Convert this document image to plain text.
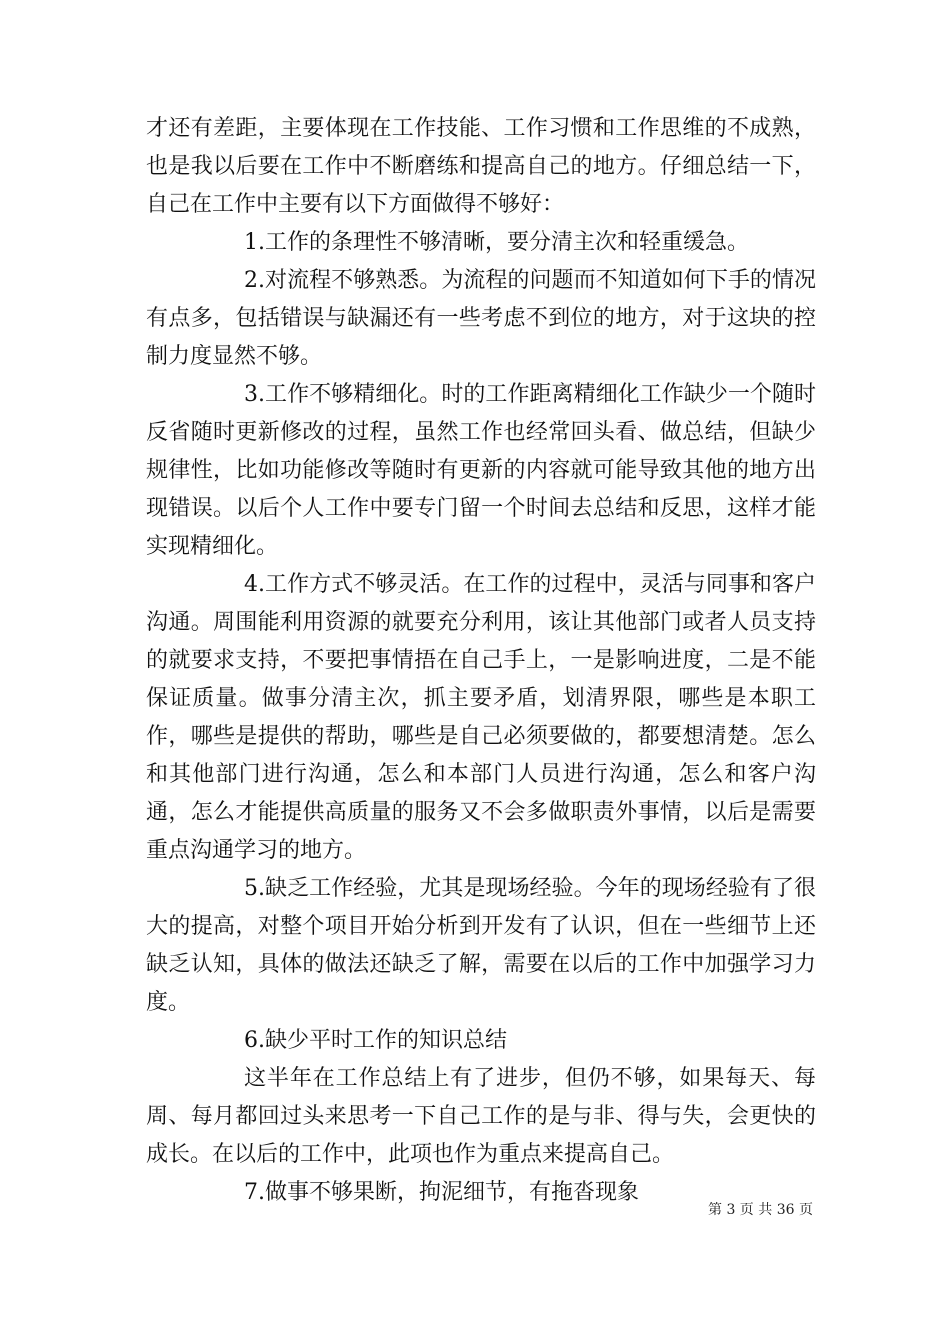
才还有差距，主要体现在工作技能、工作习惯和工作思维的不成熟，也是我以后要在工作中不断磨练和提高自己的地方。仔细总结一下，自己在工作中主要有以下方面做得不够好：

1.工作的条理性不够清晰，要分清主次和轻重缓急。

2.对流程不够熟悉。为流程的问题而不知道如何下手的情况有点多，包括错误与缺漏还有一些考虑不到位的地方，对于这块的控制力度显然不够。

3.工作不够精细化。时的工作距离精细化工作缺少一个随时反省随时更新修改的过程，虽然工作也经常回头看、做总结，但缺少规律性，比如功能修改等随时有更新的内容就可能导致其他的地方出现错误。以后个人工作中要专门留一个时间去总结和反思，这样才能实现精细化。

4.工作方式不够灵活。在工作的过程中，灵活与同事和客户沟通。周围能利用资源的就要充分利用，该让其他部门或者人员支持的就要求支持，不要把事情捂在自己手上，一是影响进度，二是不能保证质量。做事分清主次，抓主要矛盾，划清界限，哪些是本职工作，哪些是提供的帮助，哪些是自己必须要做的，都要想清楚。怎么和其他部门进行沟通，怎么和本部门人员进行沟通，怎么和客户沟通，怎么才能提供高质量的服务又不会多做职责外事情，以后是需要重点沟通学习的地方。

5.缺乏工作经验，尤其是现场经验。今年的现场经验有了很大的提高，对整个项目开始分析到开发有了认识，但在一些细节上还缺乏认知，具体的做法还缺乏了解，需要在以后的工作中加强学习力度。

6.缺少平时工作的知识总结

这半年在工作总结上有了进步，但仍不够，如果每天、每周、每月都回过头来思考一下自己工作的是与非、得与失，会更快的成长。在以后的工作中，此项也作为重点来提高自己。

7.做事不够果断，拘泥细节，有拖沓现象

第 3 页 共 36 页
